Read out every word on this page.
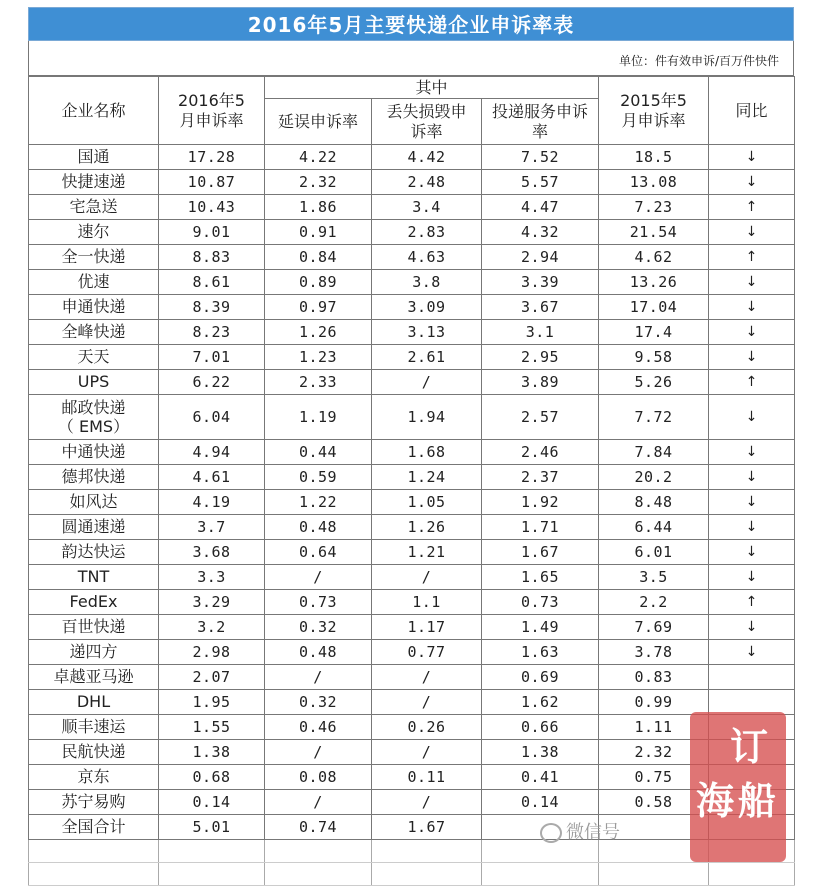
2016年5月主要快递企业申诉率表
单位：件有效申诉/百万件快件
企业名称	2016年5月申诉率	其中			2015年5月申诉率	同比
		延误申诉率	丢失损毁申诉率	投递服务申诉率		
国通	17.28	4.22	4.42	7.52	18.5	↓
快捷速递	10.87	2.32	2.48	5.57	13.08	↓
宅急送	10.43	1.86	3.4	4.47	7.23	↑
速尔	9.01	0.91	2.83	4.32	21.54	↓
全一快递	8.83	0.84	4.63	2.94	4.62	↑
优速	8.61	0.89	3.8	3.39	13.26	↓
申通快递	8.39	0.97	3.09	3.67	17.04	↓
全峰快递	8.23	1.26	3.13	3.1	17.4	↓
天天	7.01	1.23	2.61	2.95	9.58	↓
UPS	6.22	2.33	/	3.89	5.26	↑

邮政快递
（ EMS）	6.04	1.19	1.94	2.57	7.72	↓
中通快递	4.94	0.44	1.68	2.46	7.84	↓
德邦快递	4.61	0.59	1.24	2.37	20.2	↓
如风达	4.19	1.22	1.05	1.92	8.48	↓
圆通速递	3.7	0.48	1.26	1.71	6.44	↓
韵达快运	3.68	0.64	1.21	1.67	6.01	↓
TNT	3.3	/	/	1.65	3.5	↓
FedEx	3.29	0.73	1.1	0.73	2.2	↑
百世快递	3.2	0.32	1.17	1.49	7.69	↓
递四方	2.98	0.48	0.77	1.63	3.78	↓
卓越亚马逊	2.07	/	/	0.69	0.83	
DHL	1.95	0.32	/	1.62	0.99	
顺丰速运	1.55	0.46	0.26	0.66	1.11	
民航快递	1.38	/	/	1.38	2.32	
京东	0.68	0.08	0.11	0.41	0.75	
苏宁易购	0.14	/	/	0.14	0.58	
全国合计	5.01	0.74	1.67			

							微信号
订
海 船
